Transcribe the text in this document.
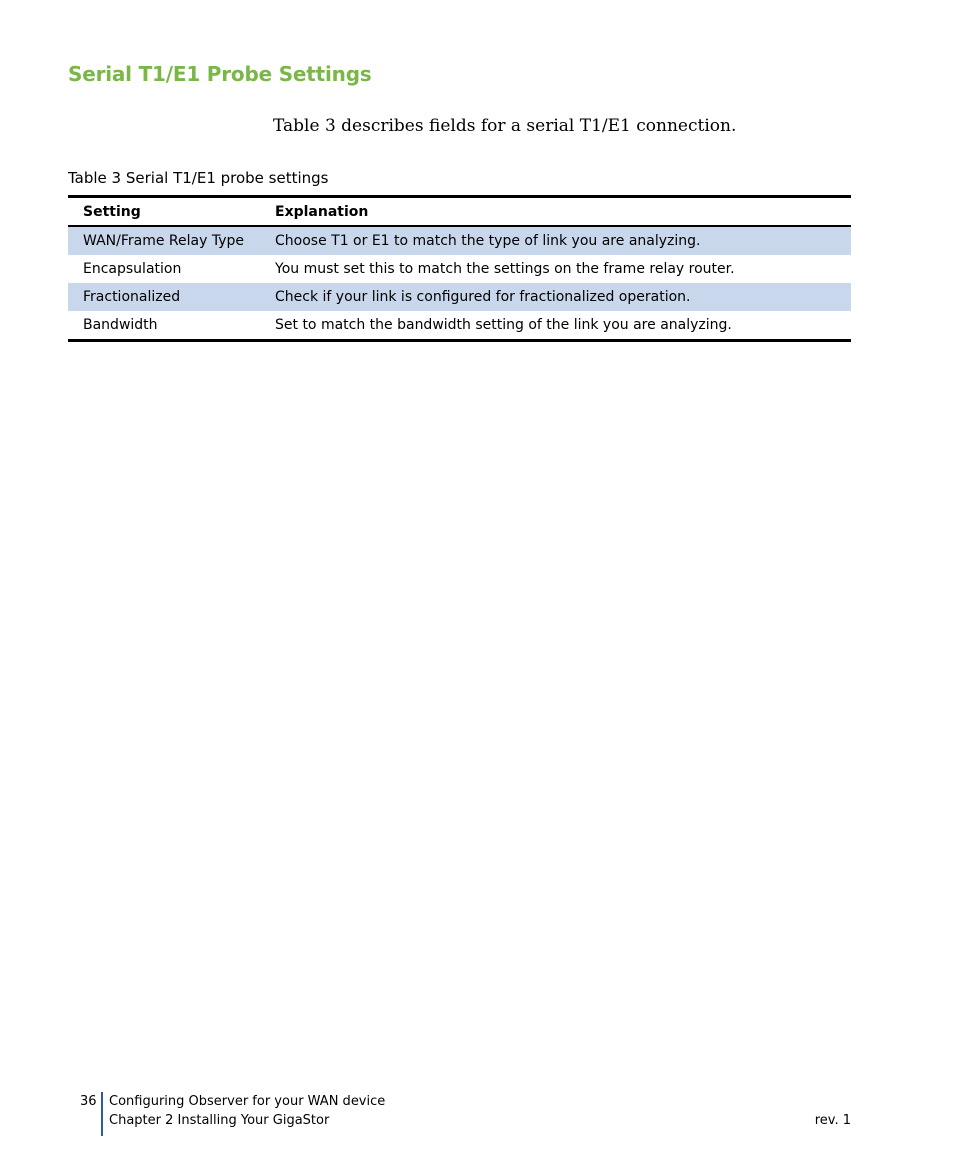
Serial T1/E1 Probe Settings

Table 3 describes fields for a serial T1/E1 connection.

Table 3 Serial T1/E1 probe settings

Setting	Explanation
WAN/Frame Relay Type	Choose T1 or E1 to match the type of link you are analyzing.
Encapsulation	You must set this to match the settings on the frame relay router.
Fractionalized	Check if your link is configured for fractionalized operation.
Bandwidth	Set to match the bandwidth setting of the link you are analyzing.
36 Configuring Observer for your WAN device
Chapter 2 Installing Your GigaStor	rev. 1
